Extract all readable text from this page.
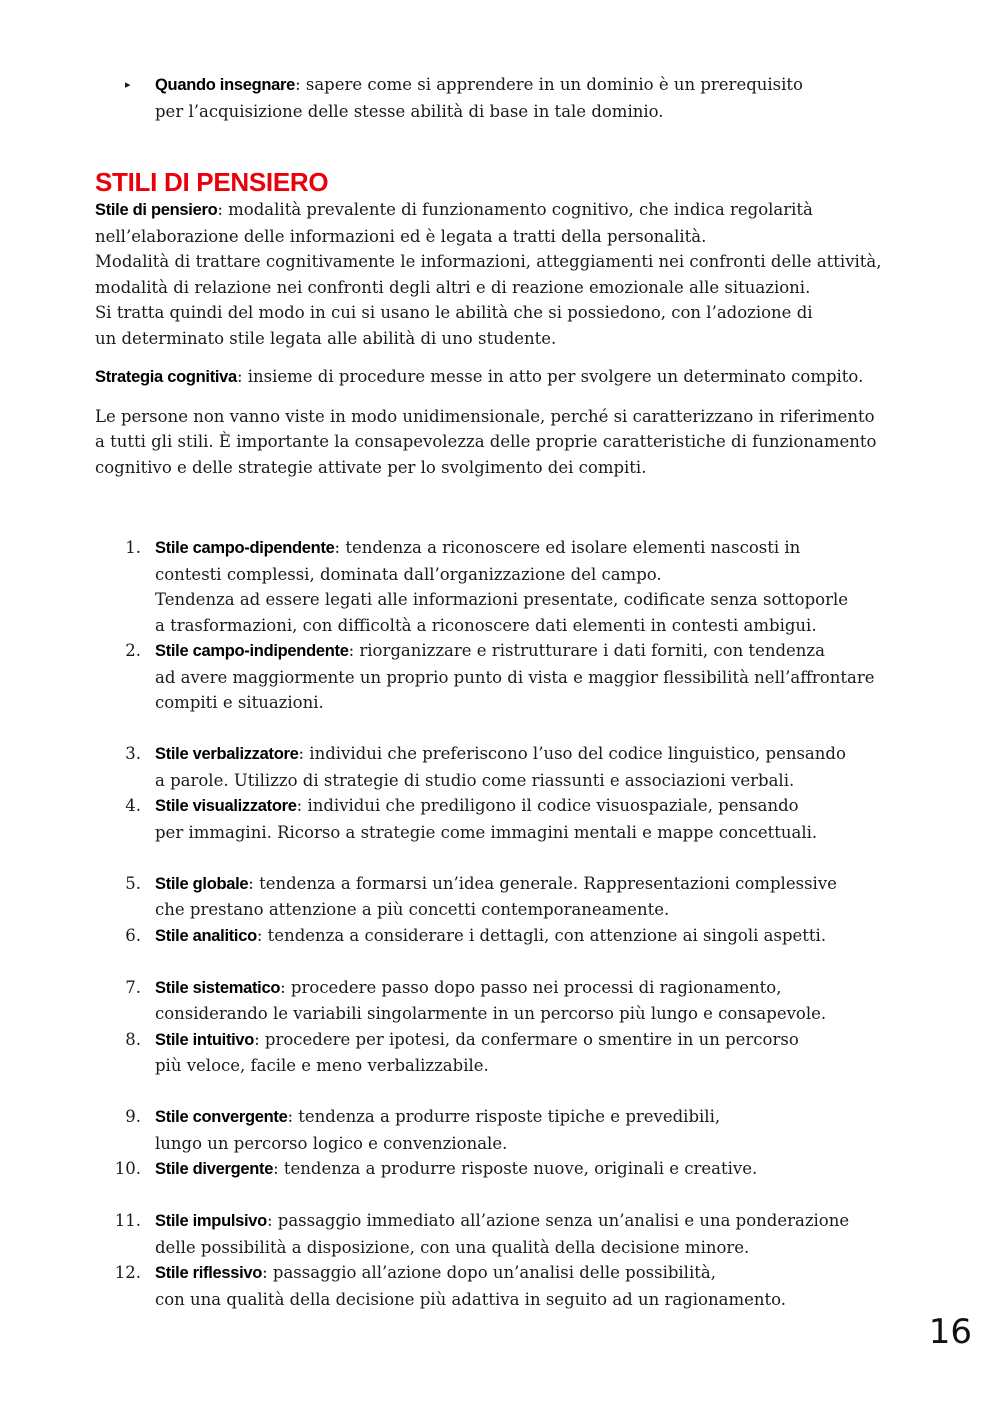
▸ Quando insegnare: sapere come si apprendere in un dominio è un prerequisito
per l’acquisizione delle stesse abilità di base in tale dominio.
STILI DI PENSIERO

Stile di pensiero: modalità prevalente di funzionamento cognitivo, che indica regolarità
nell’elaborazione delle informazioni ed è legata a tratti della personalità.
Modalità di trattare cognitivamente le informazioni, atteggiamenti nei confronti delle attività,
modalità di relazione nei confronti degli altri e di reazione emozionale alle situazioni.
Si tratta quindi del modo in cui si usano le abilità che si possiedono, con l’adozione di
un determinato stile legata alle abilità di uno studente.

Strategia cognitiva: insieme di procedure messe in atto per svolgere un determinato compito.

Le persone non vanno viste in modo unidimensionale, perché si caratterizzano in riferimento
a tutti gli stili. È importante la consapevolezza delle proprie caratteristiche di funzionamento
cognitivo e delle strategie attivate per lo svolgimento dei compiti.

1. Stile campo-dipendente: tendenza a riconoscere ed isolare elementi nascosti in
contesti complessi, dominata dall’organizzazione del campo.
Tendenza ad essere legati alle informazioni presentate, codificate senza sottoporle
a trasformazioni, con difficoltà a riconoscere dati elementi in contesti ambigui.
2. Stile campo-indipendente: riorganizzare e ristrutturare i dati forniti, con tendenza
ad avere maggiormente un proprio punto di vista e maggior flessibilità nell’affrontare
compiti e situazioni.
3. Stile verbalizzatore: individui che preferiscono l’uso del codice linguistico, pensando
a parole. Utilizzo di strategie di studio come riassunti e associazioni verbali.
4. Stile visualizzatore: individui che prediligono il codice visuospaziale, pensando
per immagini. Ricorso a strategie come immagini mentali e mappe concettuali.
5. Stile globale: tendenza a formarsi un’idea generale. Rappresentazioni complessive
che prestano attenzione a più concetti contemporaneamente.
6. Stile analitico: tendenza a considerare i dettagli, con attenzione ai singoli aspetti.
7. Stile sistematico: procedere passo dopo passo nei processi di ragionamento,
considerando le variabili singolarmente in un percorso più lungo e consapevole.
8. Stile intuitivo: procedere per ipotesi, da confermare o smentire in un percorso
più veloce, facile e meno verbalizzabile.
9. Stile convergente: tendenza a produrre risposte tipiche e prevedibili,
lungo un percorso logico e convenzionale.
10. Stile divergente: tendenza a produrre risposte nuove, originali e creative.
11. Stile impulsivo: passaggio immediato all’azione senza un’analisi e una ponderazione
delle possibilità a disposizione, con una qualità della decisione minore.
12. Stile riflessivo: passaggio all’azione dopo un’analisi delle possibilità,
con una qualità della decisione più adattiva in seguito ad un ragionamento.
16
